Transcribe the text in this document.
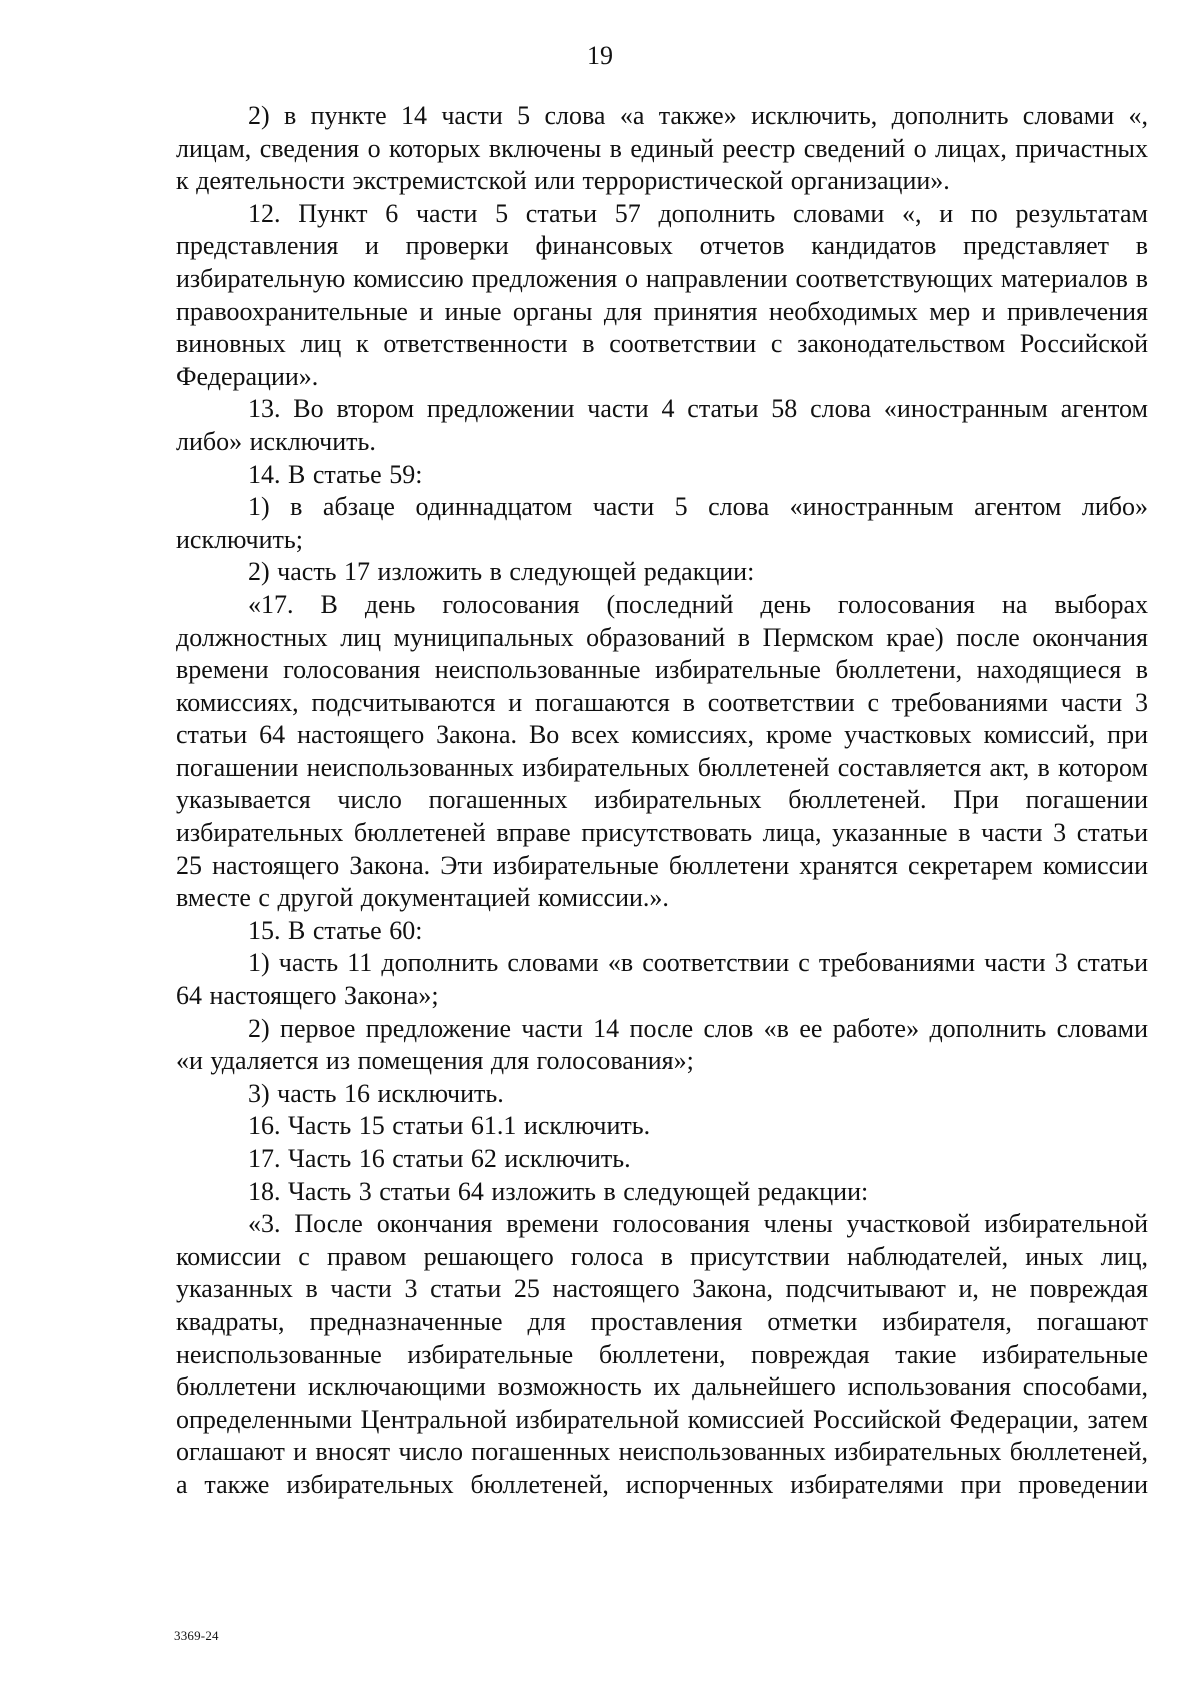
19

2) в пункте 14 части 5 слова «а также» исключить, дополнить словами «, лицам, сведения о которых включены в единый реестр сведений о лицах, причастных к деятельности экстремистской или террористической организации».

12. Пункт 6 части 5 статьи 57 дополнить словами «, и по результатам представления и проверки финансовых отчетов кандидатов представляет в избирательную комиссию предложения о направлении соответствующих материалов в правоохранительные и иные органы для принятия необходимых мер и привлечения виновных лиц к ответственности в соответствии с законодательством Российской Федерации».

13. Во втором предложении части 4 статьи 58 слова «иностранным агентом либо» исключить.

14. В статье 59:

1) в абзаце одиннадцатом части 5 слова «иностранным агентом либо» исключить;

2) часть 17 изложить в следующей редакции:

«17. В день голосования (последний день голосования на выборах должностных лиц муниципальных образований в Пермском крае) после окончания времени голосования неиспользованные избирательные бюллетени, находящиеся в комиссиях, подсчитываются и погашаются в соответствии с требованиями части 3 статьи 64 настоящего Закона. Во всех комиссиях, кроме участковых комиссий, при погашении неиспользованных избирательных бюллетеней составляется акт, в котором указывается число погашенных избирательных бюллетеней. При погашении избирательных бюллетеней вправе присутствовать лица, указанные в части 3 статьи 25 настоящего Закона. Эти избирательные бюллетени хранятся секретарем комиссии вместе с другой документацией комиссии.».

15. В статье 60:

1) часть 11 дополнить словами «в соответствии с требованиями части 3 статьи 64 настоящего Закона»;

2) первое предложение части 14 после слов «в ее работе» дополнить словами «и удаляется из помещения для голосования»;

3) часть 16 исключить.

16. Часть 15 статьи 61.1 исключить.

17. Часть 16 статьи 62 исключить.

18. Часть 3 статьи 64 изложить в следующей редакции:

«3. После окончания времени голосования члены участковой избирательной комиссии с правом решающего голоса в присутствии наблюдателей, иных лиц, указанных в части 3 статьи 25 настоящего Закона, подсчитывают и, не повреждая квадраты, предназначенные для проставления отметки избирателя, погашают неиспользованные избирательные бюллетени, повреждая такие избирательные бюллетени исключающими возможность их дальнейшего использования способами, определенными Центральной избирательной комиссией Российской Федерации, затем оглашают и вносят число погашенных неиспользованных избирательных бюллетеней, а также избирательных бюллетеней, испорченных избирателями при проведении

3369-24
